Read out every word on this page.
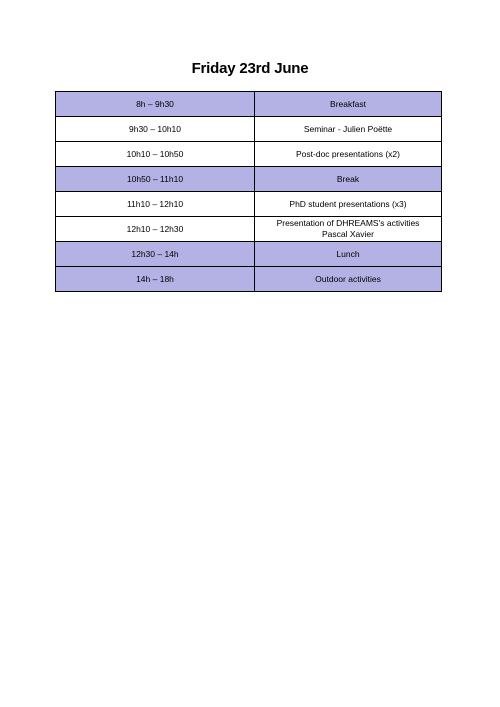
Friday 23rd June
8h – 9h30	Breakfast
9h30 – 10h10	Seminar - Julien Poëtte
10h10 – 10h50	Post-doc presentations (x2)
10h50 – 11h10	Break
11h10 – 12h10	PhD student presentations (x3)
12h10 – 12h30	Presentation of DHREAMS's activities
Pascal Xavier

12h30 – 14h	Lunch
14h – 18h	Outdoor activities
